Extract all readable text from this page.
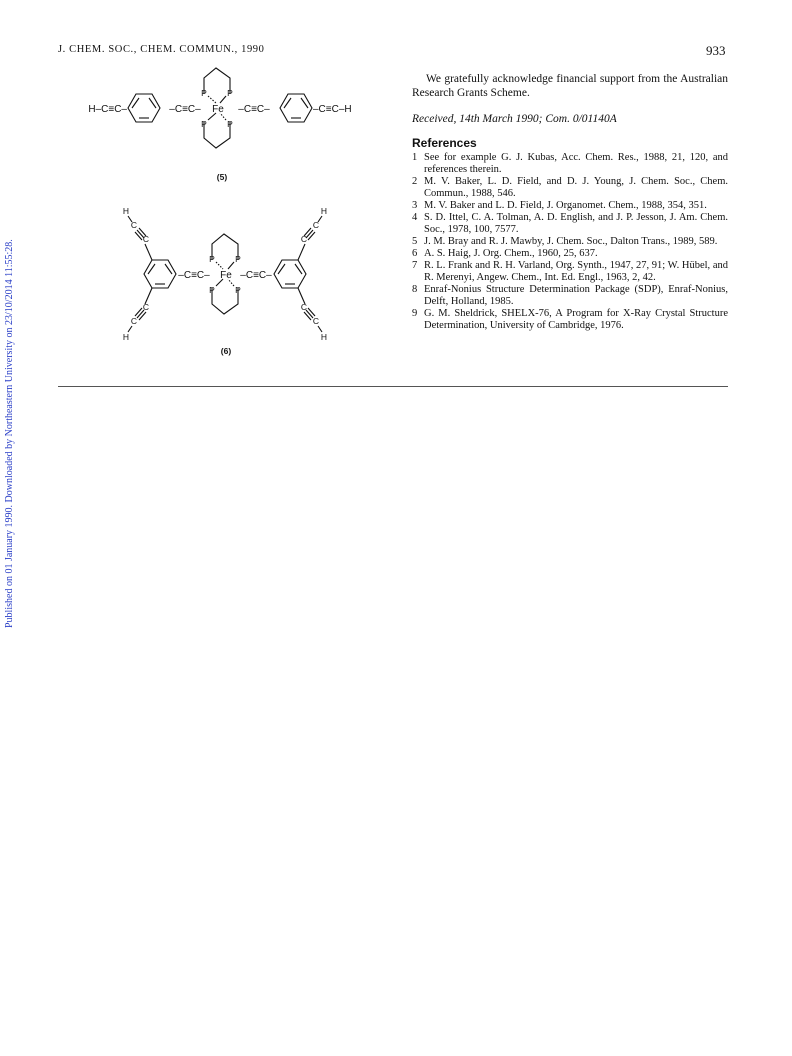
J. CHEM. SOC., CHEM. COMMUN., 1990	933
Published on 01 January 1990. Downloaded by Northeastern University on 23/10/2014 11:55:28.
H–C≡C–	–C≡C– Fe –C≡C–	–C≡C–H
P P
P P
(5)
–C≡C– Fe –C≡C–
P P
P P
C
C
H
C
C
H
C
C
H
C
C
H
(6)

We gratefully acknowledge financial support from the Australian Research Grants Scheme.

Received, 14th March 1990; Com. 0/01140A

References
1 See for example G. J. Kubas, Acc. Chem. Res., 1988, 21, 120, and references therein.
2 M. V. Baker, L. D. Field, and D. J. Young, J. Chem. Soc., Chem. Commun., 1988, 546.
3 M. V. Baker and L. D. Field, J. Organomet. Chem., 1988, 354, 351.
4 S. D. Ittel, C. A. Tolman, A. D. English, and J. P. Jesson, J. Am. Chem. Soc., 1978, 100, 7577.
5 J. M. Bray and R. J. Mawby, J. Chem. Soc., Dalton Trans., 1989, 589.
6 A. S. Haig, J. Org. Chem., 1960, 25, 637.
7 R. L. Frank and R. H. Varland, Org. Synth., 1947, 27, 91; W. Hübel, and R. Merenyi, Angew. Chem., Int. Ed. Engl., 1963, 2, 42.
8 Enraf-Nonius Structure Determination Package (SDP), Enraf-Nonius, Delft, Holland, 1985.
9 G. M. Sheldrick, SHELX-76, A Program for X-Ray Crystal Structure Determination, University of Cambridge, 1976.
